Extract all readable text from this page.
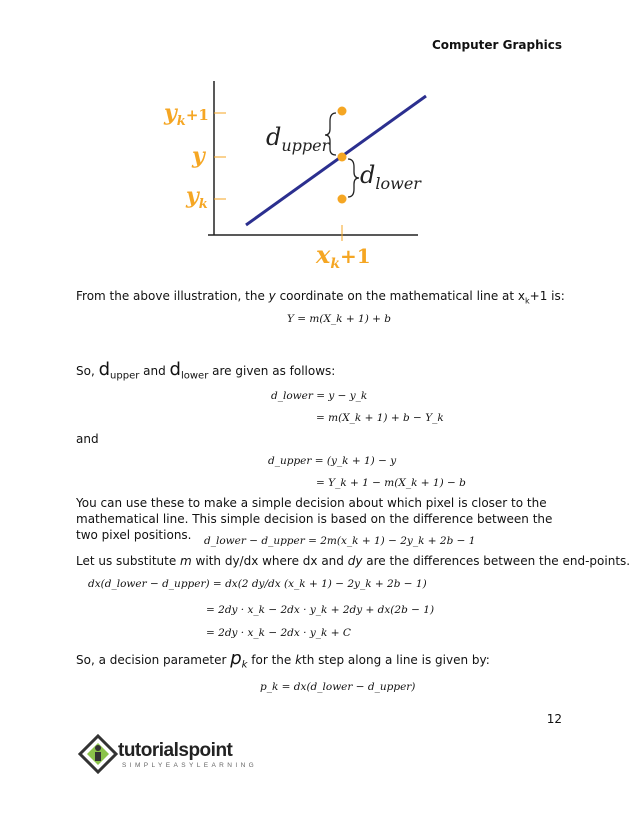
Computer Graphics
$y_k^{+1}$
y
$y_k$
$x_k^{+1}$
$d_{upper}$
$d_{lower}$
From the above illustration, the y coordinate on the mathematical line at $x_k+1$ is:
Y = m(X_k + 1) + b
So, $d_{upper}$ and $d_{lower}$ are given as follows:
d_lower = y − y_k
= m(X_k + 1) + b − Y_k
and
d_upper = (y_k + 1) − y
= Y_k + 1 − m(X_k + 1) − b
You can use these to make a simple decision about which pixel is closer to the mathematical line. This simple decision is based on the difference between the two pixel positions.	d_lower − d_upper = 2m(x_k + 1) − 2y_k + 2b − 1
Let us substitute m with dy/dx where dx and dy are the differences between the end-points.
dx(d_lower − d_upper) = dx(2 dy/dx (x_k + 1) − 2y_k + 2b − 1)
= 2dy · x_k − 2dx · y_k + 2dy + dx(2b − 1)
= 2dy · x_k − 2dx · y_k + C
So, a decision parameter $p_k$ for the kth step along a line is given by:
p_k = dx(d_lower − d_upper)
12
tutorialspoint
SIMPLYEASYLEARNING
